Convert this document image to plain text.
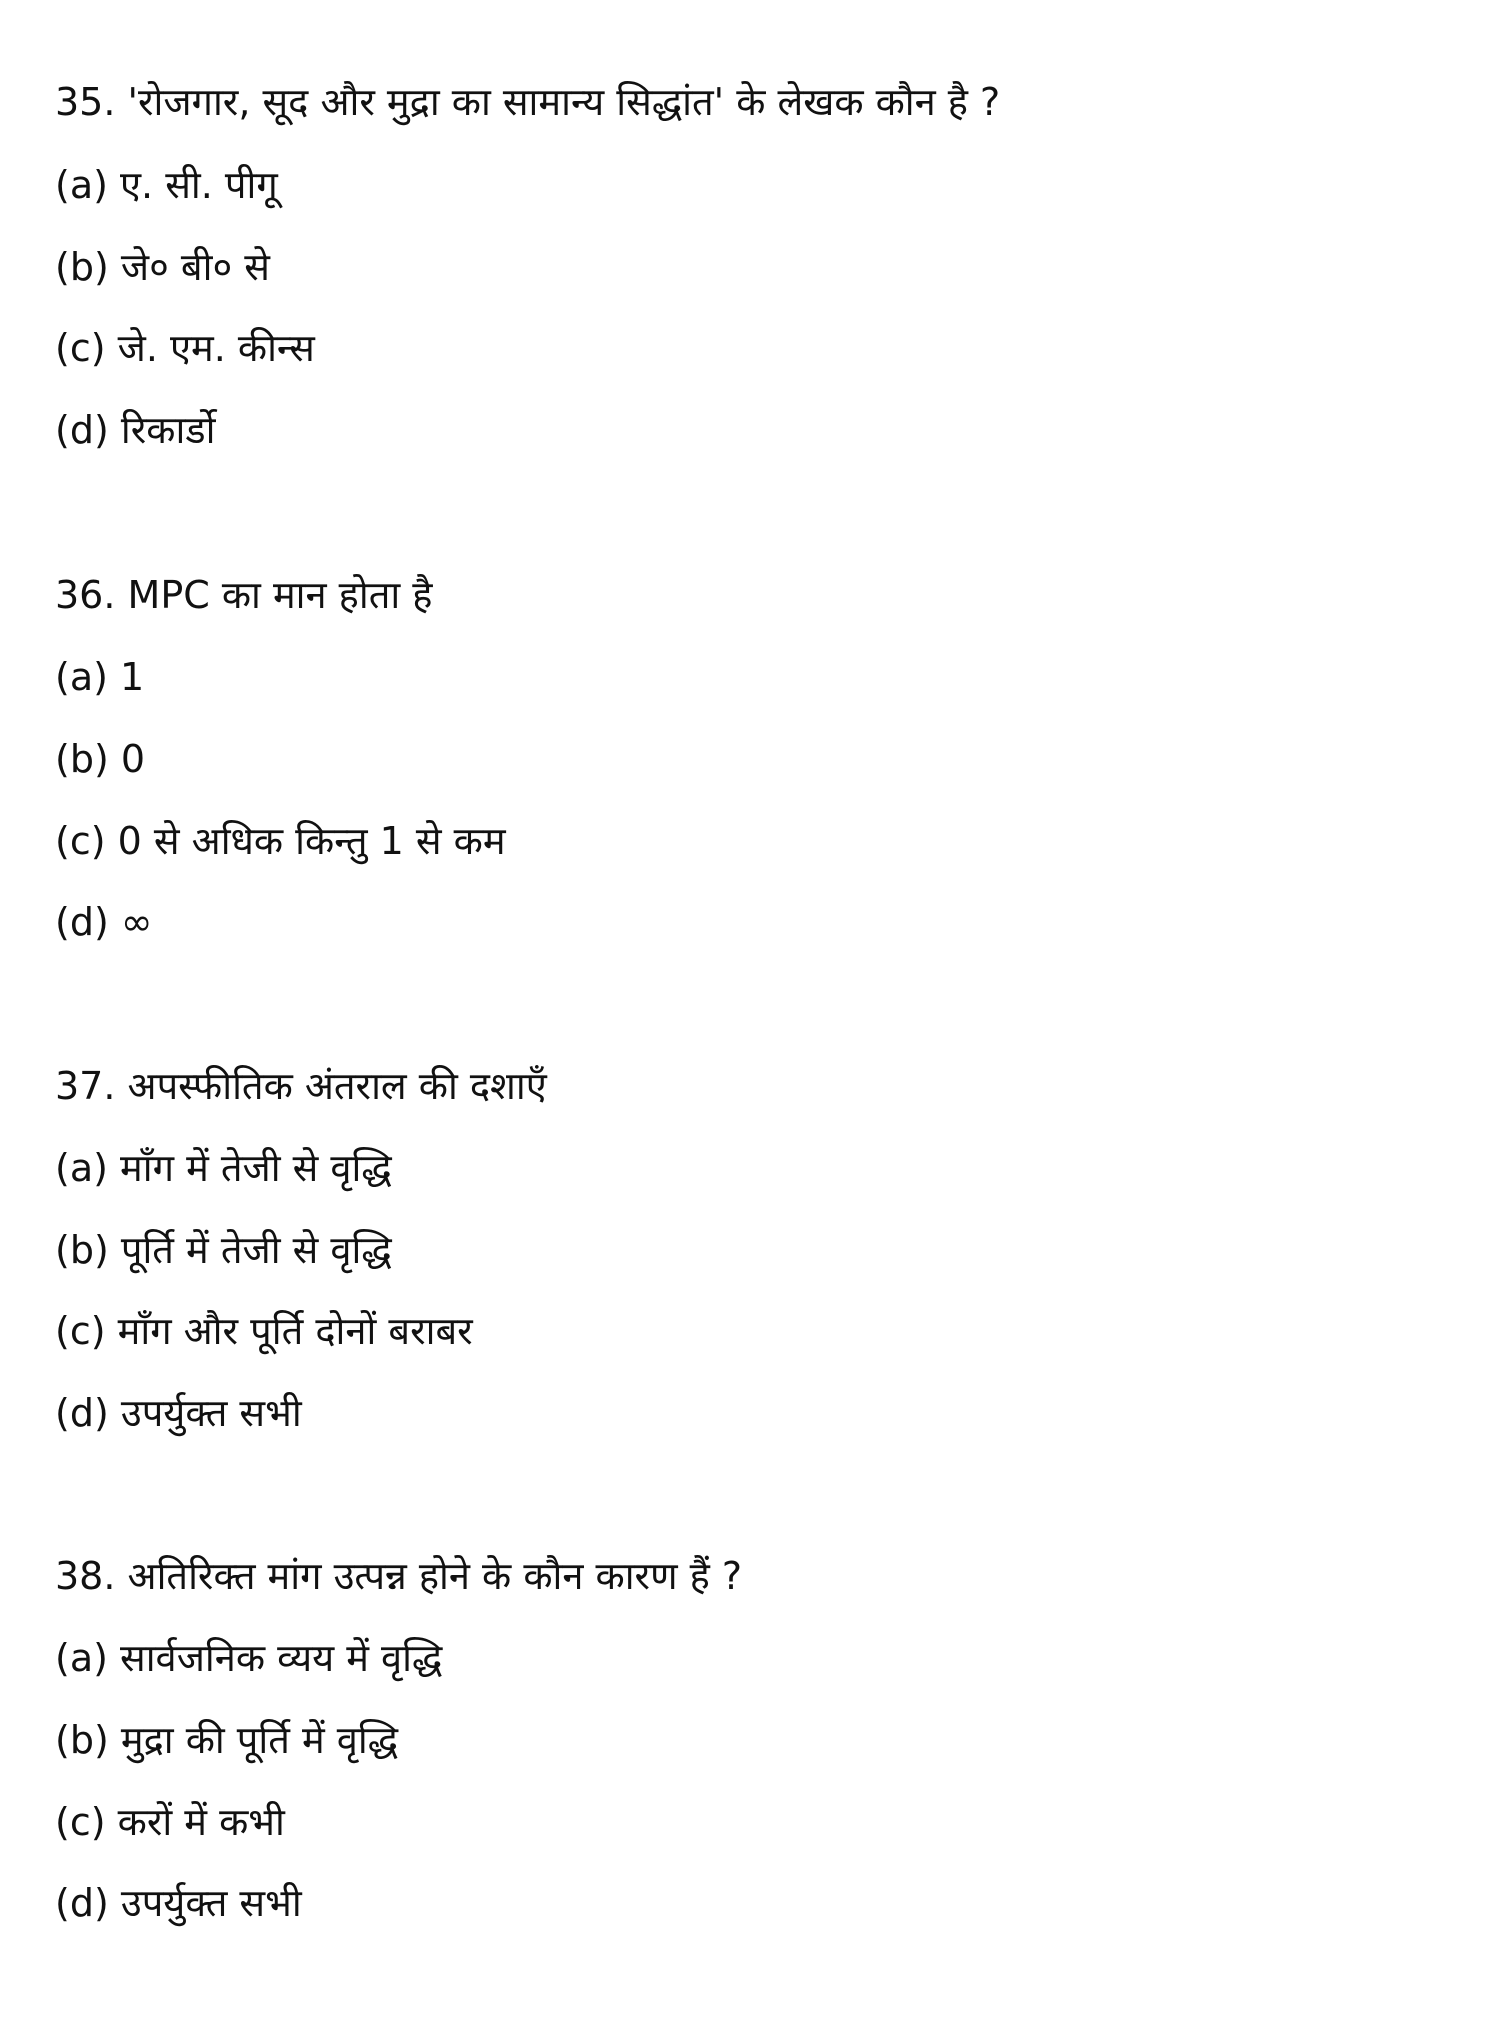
35. 'रोजगार, सूद और मुद्रा का सामान्य सिद्धांत' के लेखक कौन है ?
(a) ए. सी. पीगू
(b) जे० बी० से
(c) जे. एम. कीन्स
(d) रिकार्डो
36. MPC का मान होता है
(a) 1
(b) 0
(c) 0 से अधिक किन्तु 1 से कम
(d) ∞
37. अपस्फीतिक अंतराल की दशाएँ
(a) माँग में तेजी से वृद्धि
(b) पूर्ति में तेजी से वृद्धि
(c) माँग और पूर्ति दोनों बराबर
(d) उपर्युक्त सभी
38. अतिरिक्त मांग उत्पन्न होने के कौन कारण हैं ?
(a) सार्वजनिक व्यय में वृद्धि
(b) मुद्रा की पूर्ति में वृद्धि
(c) करों में कभी
(d) उपर्युक्त सभी
